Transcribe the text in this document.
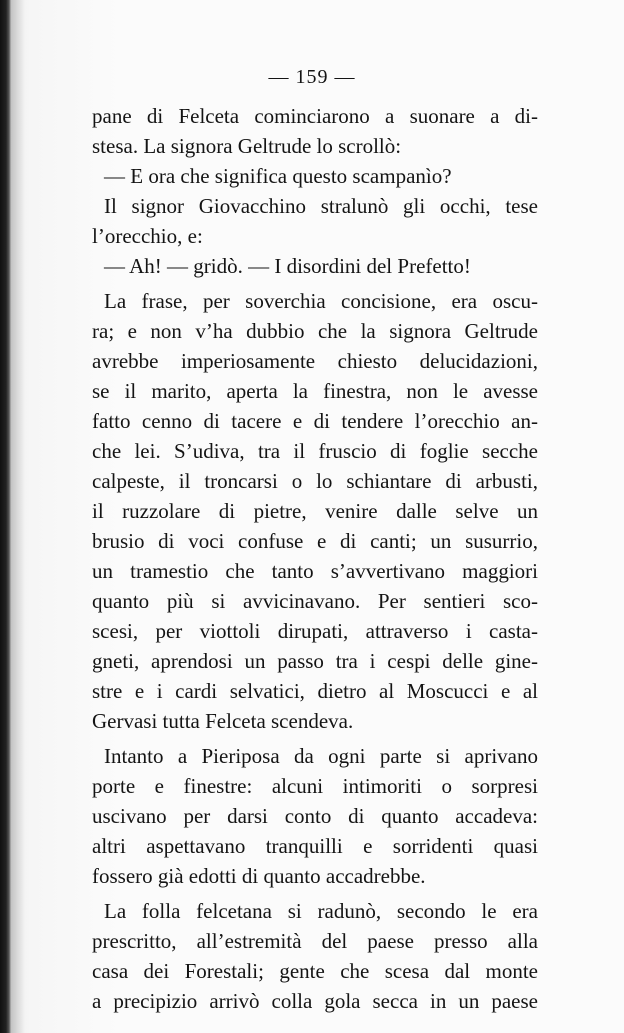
— 159 —
pane di Felceta cominciarono a suonare a di-
stesa. La signora Geltrude lo scrollò:
— E ora che significa questo scampanìo?
Il signor Giovacchino stralunò gli occhi, tese
l’orecchio, e:
— Ah! — gridò. — I disordini del Prefetto!
La frase, per soverchia concisione, era oscu-
ra; e non v’ha dubbio che la signora Geltrude
avrebbe imperiosamente chiesto delucidazioni,
se il marito, aperta la finestra, non le avesse
fatto cenno di tacere e di tendere l’orecchio an-
che lei. S’udiva, tra il fruscio di foglie secche
calpeste, il troncarsi o lo schiantare di arbusti,
il ruzzolare di pietre, venire dalle selve un
brusio di voci confuse e di canti; un susurrio,
un tramestio che tanto s’avvertivano maggiori
quanto più si avvicinavano. Per sentieri sco-
scesi, per viottoli dirupati, attraverso i casta-
gneti, aprendosi un passo tra i cespi delle gine-
stre e i cardi selvatici, dietro al Moscucci e al
Gervasi tutta Felceta scendeva.
Intanto a Pieriposa da ogni parte si aprivano
porte e finestre: alcuni intimoriti o sorpresi
uscivano per darsi conto di quanto accadeva:
altri aspettavano tranquilli e sorridenti quasi
fossero già edotti di quanto accadrebbe.
La folla felcetana si radunò, secondo le era
prescritto, all’estremità del paese presso alla
casa dei Forestali; gente che scesa dal monte
a precipizio arrivò colla gola secca in un paese
